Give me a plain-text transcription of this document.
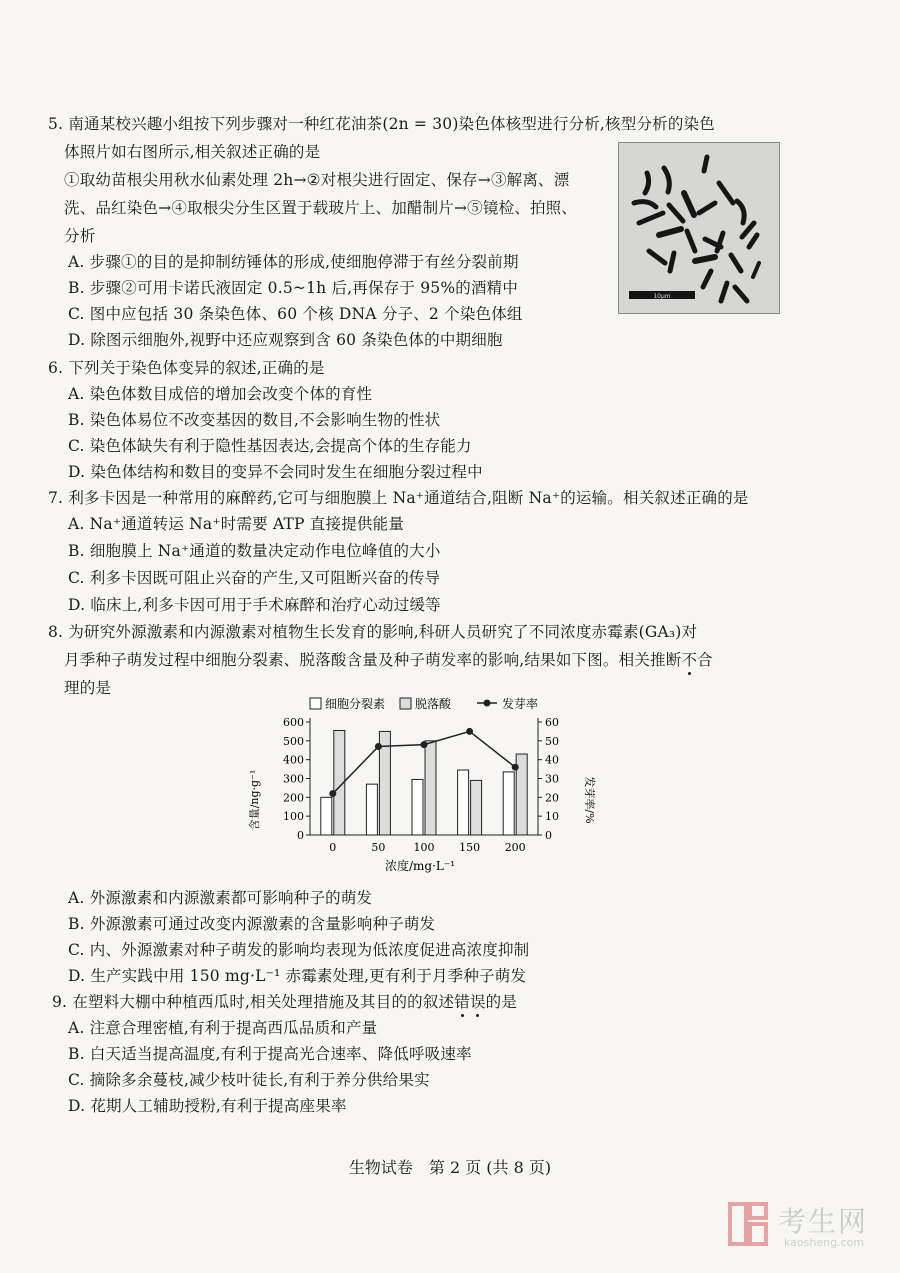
5. 南通某校兴趣小组按下列步骤对一种红花油茶(2n = 30)染色体核型进行分析,核型分析的染色
体照片如右图所示,相关叙述正确的是
①取幼苗根尖用秋水仙素处理 2h→②对根尖进行固定、保存→③解离、漂
洗、品红染色→④取根尖分生区置于载玻片上、加醋制片→⑤镜检、拍照、
分析
A. 步骤①的目的是抑制纺锤体的形成,使细胞停滞于有丝分裂前期
B. 步骤②可用卡诺氏液固定 0.5~1h 后,再保存于 95%的酒精中
C. 图中应包括 30 条染色体、60 个核 DNA 分子、2 个染色体组
D. 除图示细胞外,视野中还应观察到含 60 条染色体的中期细胞
10μm
6. 下列关于染色体变异的叙述,正确的是
A. 染色体数目成倍的增加会改变个体的育性
B. 染色体易位不改变基因的数目,不会影响生物的性状
C. 染色体缺失有利于隐性基因表达,会提高个体的生存能力
D. 染色体结构和数目的变异不会同时发生在细胞分裂过程中
7. 利多卡因是一种常用的麻醉药,它可与细胞膜上 Na⁺通道结合,阻断 Na⁺的运输。相关叙述正确的是
A. Na⁺通道转运 Na⁺时需要 ATP 直接提供能量
B. 细胞膜上 Na⁺通道的数量决定动作电位峰值的大小
C. 利多卡因既可阻止兴奋的产生,又可阻断兴奋的传导
D. 临床上,利多卡因可用于手术麻醉和治疗心动过缓等
8. 为研究外源激素和内源激素对植物生长发育的影响,科研人员研究了不同浓度赤霉素(GA₃)对
月季种子萌发过程中细胞分裂素、脱落酸含量及种子萌发率的影响,结果如下图。相关推断不合
理的是
细胞分裂素 脱落酸	发芽率
0
100
200
300
400
500
600
0
10
20
30
40
50
60
0	50	100 150 200
含量/ng·g⁻¹	发芽率/%
浓度/mg·L⁻¹
A. 外源激素和内源激素都可影响种子的萌发
B. 外源激素可通过改变内源激素的含量影响种子萌发
C. 内、外源激素对种子萌发的影响均表现为低浓度促进高浓度抑制
D. 生产实践中用 150 mg·L⁻¹ 赤霉素处理,更有利于月季种子萌发
9. 在塑料大棚中种植西瓜时,相关处理措施及其目的的叙述错误的是
A. 注意合理密植,有利于提高西瓜品质和产量
B. 白天适当提高温度,有利于提高光合速率、降低呼吸速率
C. 摘除多余蔓枝,减少枝叶徒长,有利于养分供给果实
D. 花期人工辅助授粉,有利于提高座果率
生物试卷　第 2 页 (共 8 页)
考生网
kaosheng.com
